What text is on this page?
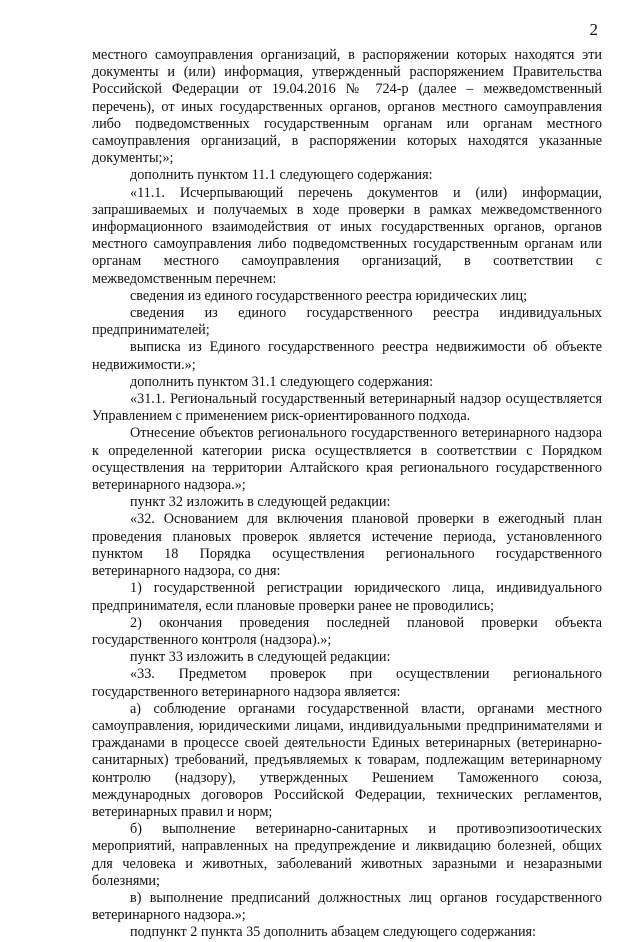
2

местного самоуправления организаций, в распоряжении которых находятся эти документы и (или) информация, утвержденный распоряжением Правительства Российской Федерации от 19.04.2016 № 724-р (далее – межведомственный перечень), от иных государственных органов, органов местного самоуправления либо подведомственных государственным органам или органам местного самоуправления организаций, в распоряжении которых находятся указанные документы;»;

дополнить пунктом 11.1 следующего содержания:

«11.1. Исчерпывающий перечень документов и (или) информации, запрашиваемых и получаемых в ходе проверки в рамках межведомственного информационного взаимодействия от иных государственных органов, органов местного самоуправления либо подведомственных государственным органам или органам местного самоуправления организаций, в соответствии с межведомственным перечнем:

сведения из единого государственного реестра юридических лиц;

сведения из единого государственного реестра индивидуальных предпринимателей;

выписка из Единого государственного реестра недвижимости об объекте недвижимости.»;

дополнить пунктом 31.1 следующего содержания:

«31.1. Региональный государственный ветеринарный надзор осуществляется Управлением с применением риск-ориентированного подхода.

Отнесение объектов регионального государственного ветеринарного надзора к определенной категории риска осуществляется в соответствии с Порядком осуществления на территории Алтайского края регионального государственного ветеринарного надзора.»;

пункт 32 изложить в следующей редакции:

«32. Основанием для включения плановой проверки в ежегодный план проведения плановых проверок является истечение периода, установленного пунктом 18 Порядка осуществления регионального государственного ветеринарного надзора, со дня:

1) государственной регистрации юридического лица, индивидуального предпринимателя, если плановые проверки ранее не проводились;

2) окончания проведения последней плановой проверки объекта государственного контроля (надзора).»;

пункт 33 изложить в следующей редакции:

«33. Предметом проверок при осуществлении регионального государственного ветеринарного надзора является:

а) соблюдение органами государственной власти, органами местного самоуправления, юридическими лицами, индивидуальными предпринимателями и гражданами в процессе своей деятельности Единых ветеринарных (ветеринарно-санитарных) требований, предъявляемых к товарам, подлежащим ветеринарному контролю (надзору), утвержденных Решением Таможенного союза, международных договоров Российской Федерации, технических регламентов, ветеринарных правил и норм;

б) выполнение ветеринарно-санитарных и противоэпизоотических мероприятий, направленных на предупреждение и ликвидацию болезней, общих для человека и животных, заболеваний животных заразными и незаразными болезнями;

в) выполнение предписаний должностных лиц органов государственного ветеринарного надзора.»;

подпункт 2 пункта 35 дополнить абзацем следующего содержания:
